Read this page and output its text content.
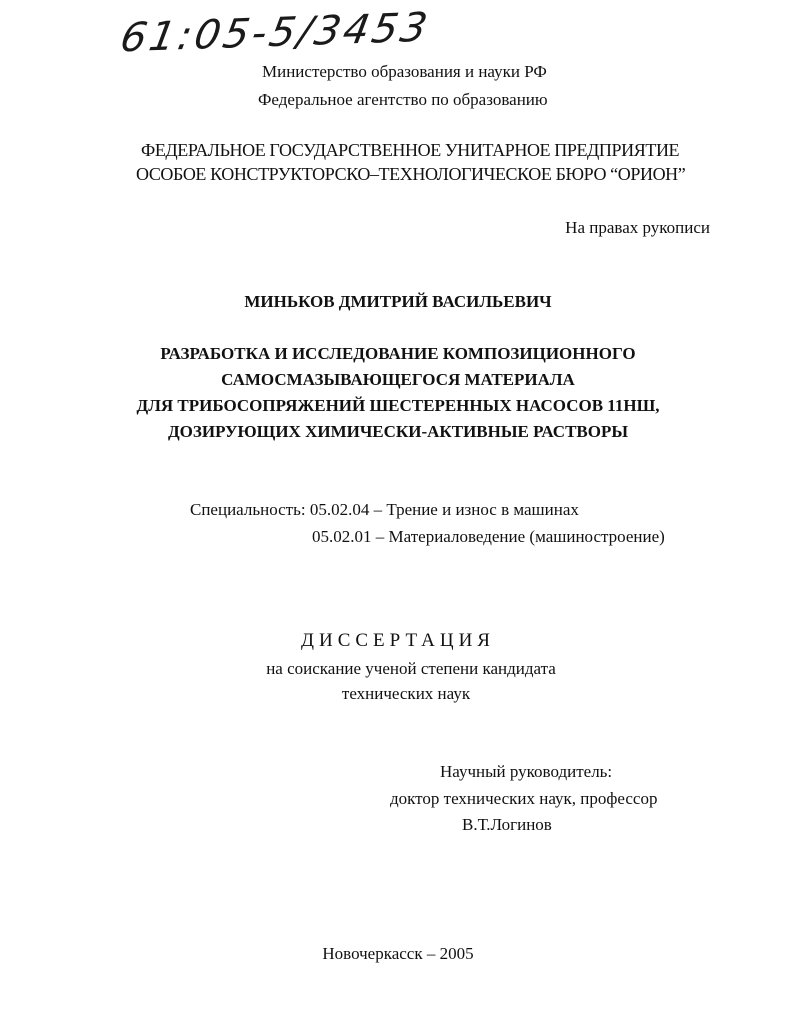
61:05-5/3453
Министерство образования и науки РФ
Федеральное агентство по образованию
ФЕДЕРАЛЬНОЕ ГОСУДАРСТВЕННОЕ УНИТАРНОЕ ПРЕДПРИЯТИЕ
ОСОБОЕ КОНСТРУКТОРСКО–ТЕХНОЛОГИЧЕСКОЕ БЮРО “ОРИОН”
На правах рукописи
МИНЬКОВ ДМИТРИЙ ВАСИЛЬЕВИЧ
РАЗРАБОТКА И ИССЛЕДОВАНИЕ КОМПОЗИЦИОННОГО
САМОСМАЗЫВАЮЩЕГОСЯ МАТЕРИАЛА
ДЛЯ ТРИБОСОПРЯЖЕНИЙ ШЕСТЕРЕННЫХ НАСОСОВ 11НШ,
ДОЗИРУЮЩИХ ХИМИЧЕСКИ-АКТИВНЫЕ РАСТВОРЫ
Специальность: 05.02.04 – Трение и износ в машинах
05.02.01 – Материаловедение (машиностроение)
ДИССЕРТАЦИЯ
на соискание ученой степени кандидата
технических наук
Научный руководитель:
доктор технических наук, профессор
В.Т.Логинов
Новочеркасск – 2005
